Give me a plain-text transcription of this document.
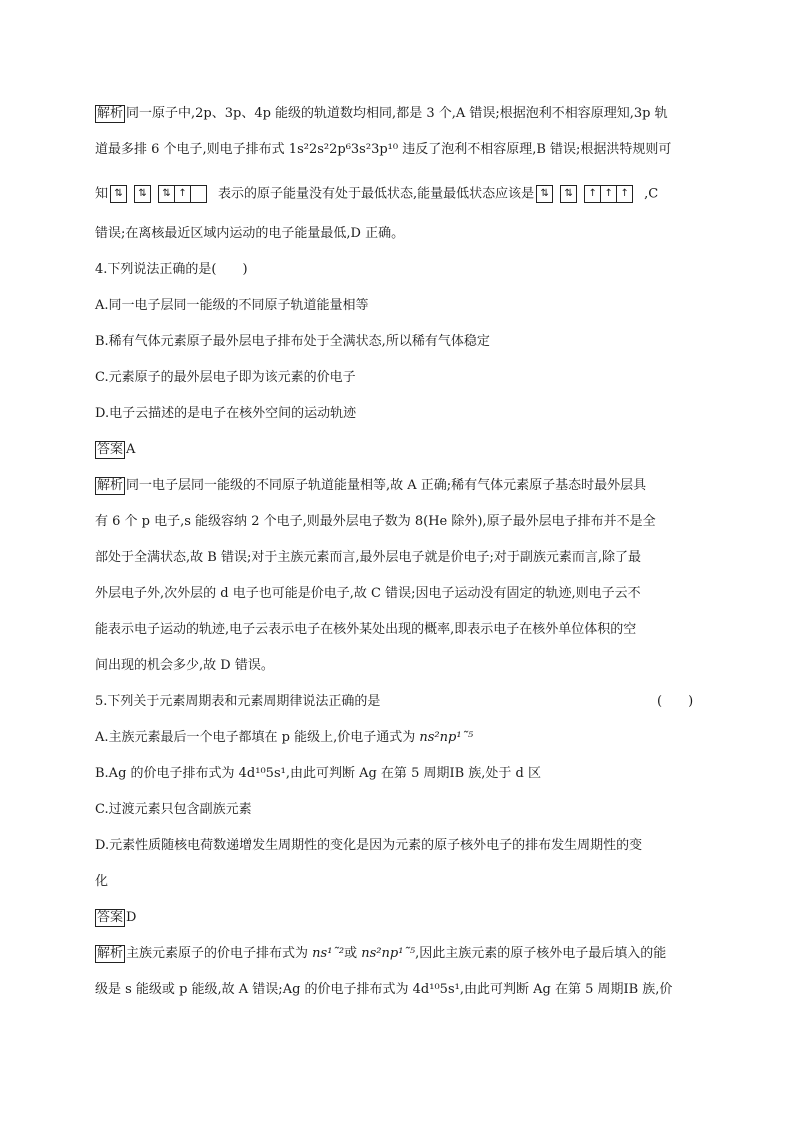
解析 同一原子中,2p、3p、4p 能级的轨道数均相同,都是 3 个,A 错误;根据泡利不相容原理知,3p 轨
道最多排 6 个电子,则电子排布式 1s²2s²2p⁶3s²3p¹⁰ 违反了泡利不相容原理,B 错误;根据洪特规则可
知 ⇅ ⇅ ⇅ ↑ 表示的原子能量没有处于最低状态,能量最低状态应该是 ⇅ ⇅ ↑ ↑ ↑ ,C
错误;在离核最近区域内运动的电子能量最低,D 正确。
4.下列说法正确的是(　　)
A.同一电子层同一能级的不同原子轨道能量相等
B.稀有气体元素原子最外层电子排布处于全满状态,所以稀有气体稳定
C.元素原子的最外层电子即为该元素的价电子
D.电子云描述的是电子在核外空间的运动轨迹
答案 A
解析 同一电子层同一能级的不同原子轨道能量相等,故 A 正确;稀有气体元素原子基态时最外层具
有 6 个 p 电子,s 能级容纳 2 个电子,则最外层电子数为 8(He 除外),原子最外层电子排布并不是全
部处于全满状态,故 B 错误;对于主族元素而言,最外层电子就是价电子;对于副族元素而言,除了最
外层电子外,次外层的 d 电子也可能是价电子,故 C 错误;因电子运动没有固定的轨迹,则电子云不
能表示电子运动的轨迹,电子云表示电子在核外某处出现的概率,即表示电子在核外单位体积的空
间出现的机会多少,故 D 错误。
5.下列关于元素周期表和元素周期律说法正确的是	(　　)
A.主族元素最后一个电子都填在 p 能级上,价电子通式为 ns²np¹˜⁵
B.Ag 的价电子排布式为 4d¹⁰5s¹,由此可判断 Ag 在第 5 周期ⅠB 族,处于 d 区
C.过渡元素只包含副族元素
D.元素性质随核电荷数递增发生周期性的变化是因为元素的原子核外电子的排布发生周期性的变
化
答案 D
解析 主族元素原子的价电子排布式为 ns¹˜²或 ns²np¹˜⁵,因此主族元素的原子核外电子最后填入的能
级是 s 能级或 p 能级,故 A 错误;Ag 的价电子排布式为 4d¹⁰5s¹,由此可判断 Ag 在第 5 周期ⅠB 族,价
